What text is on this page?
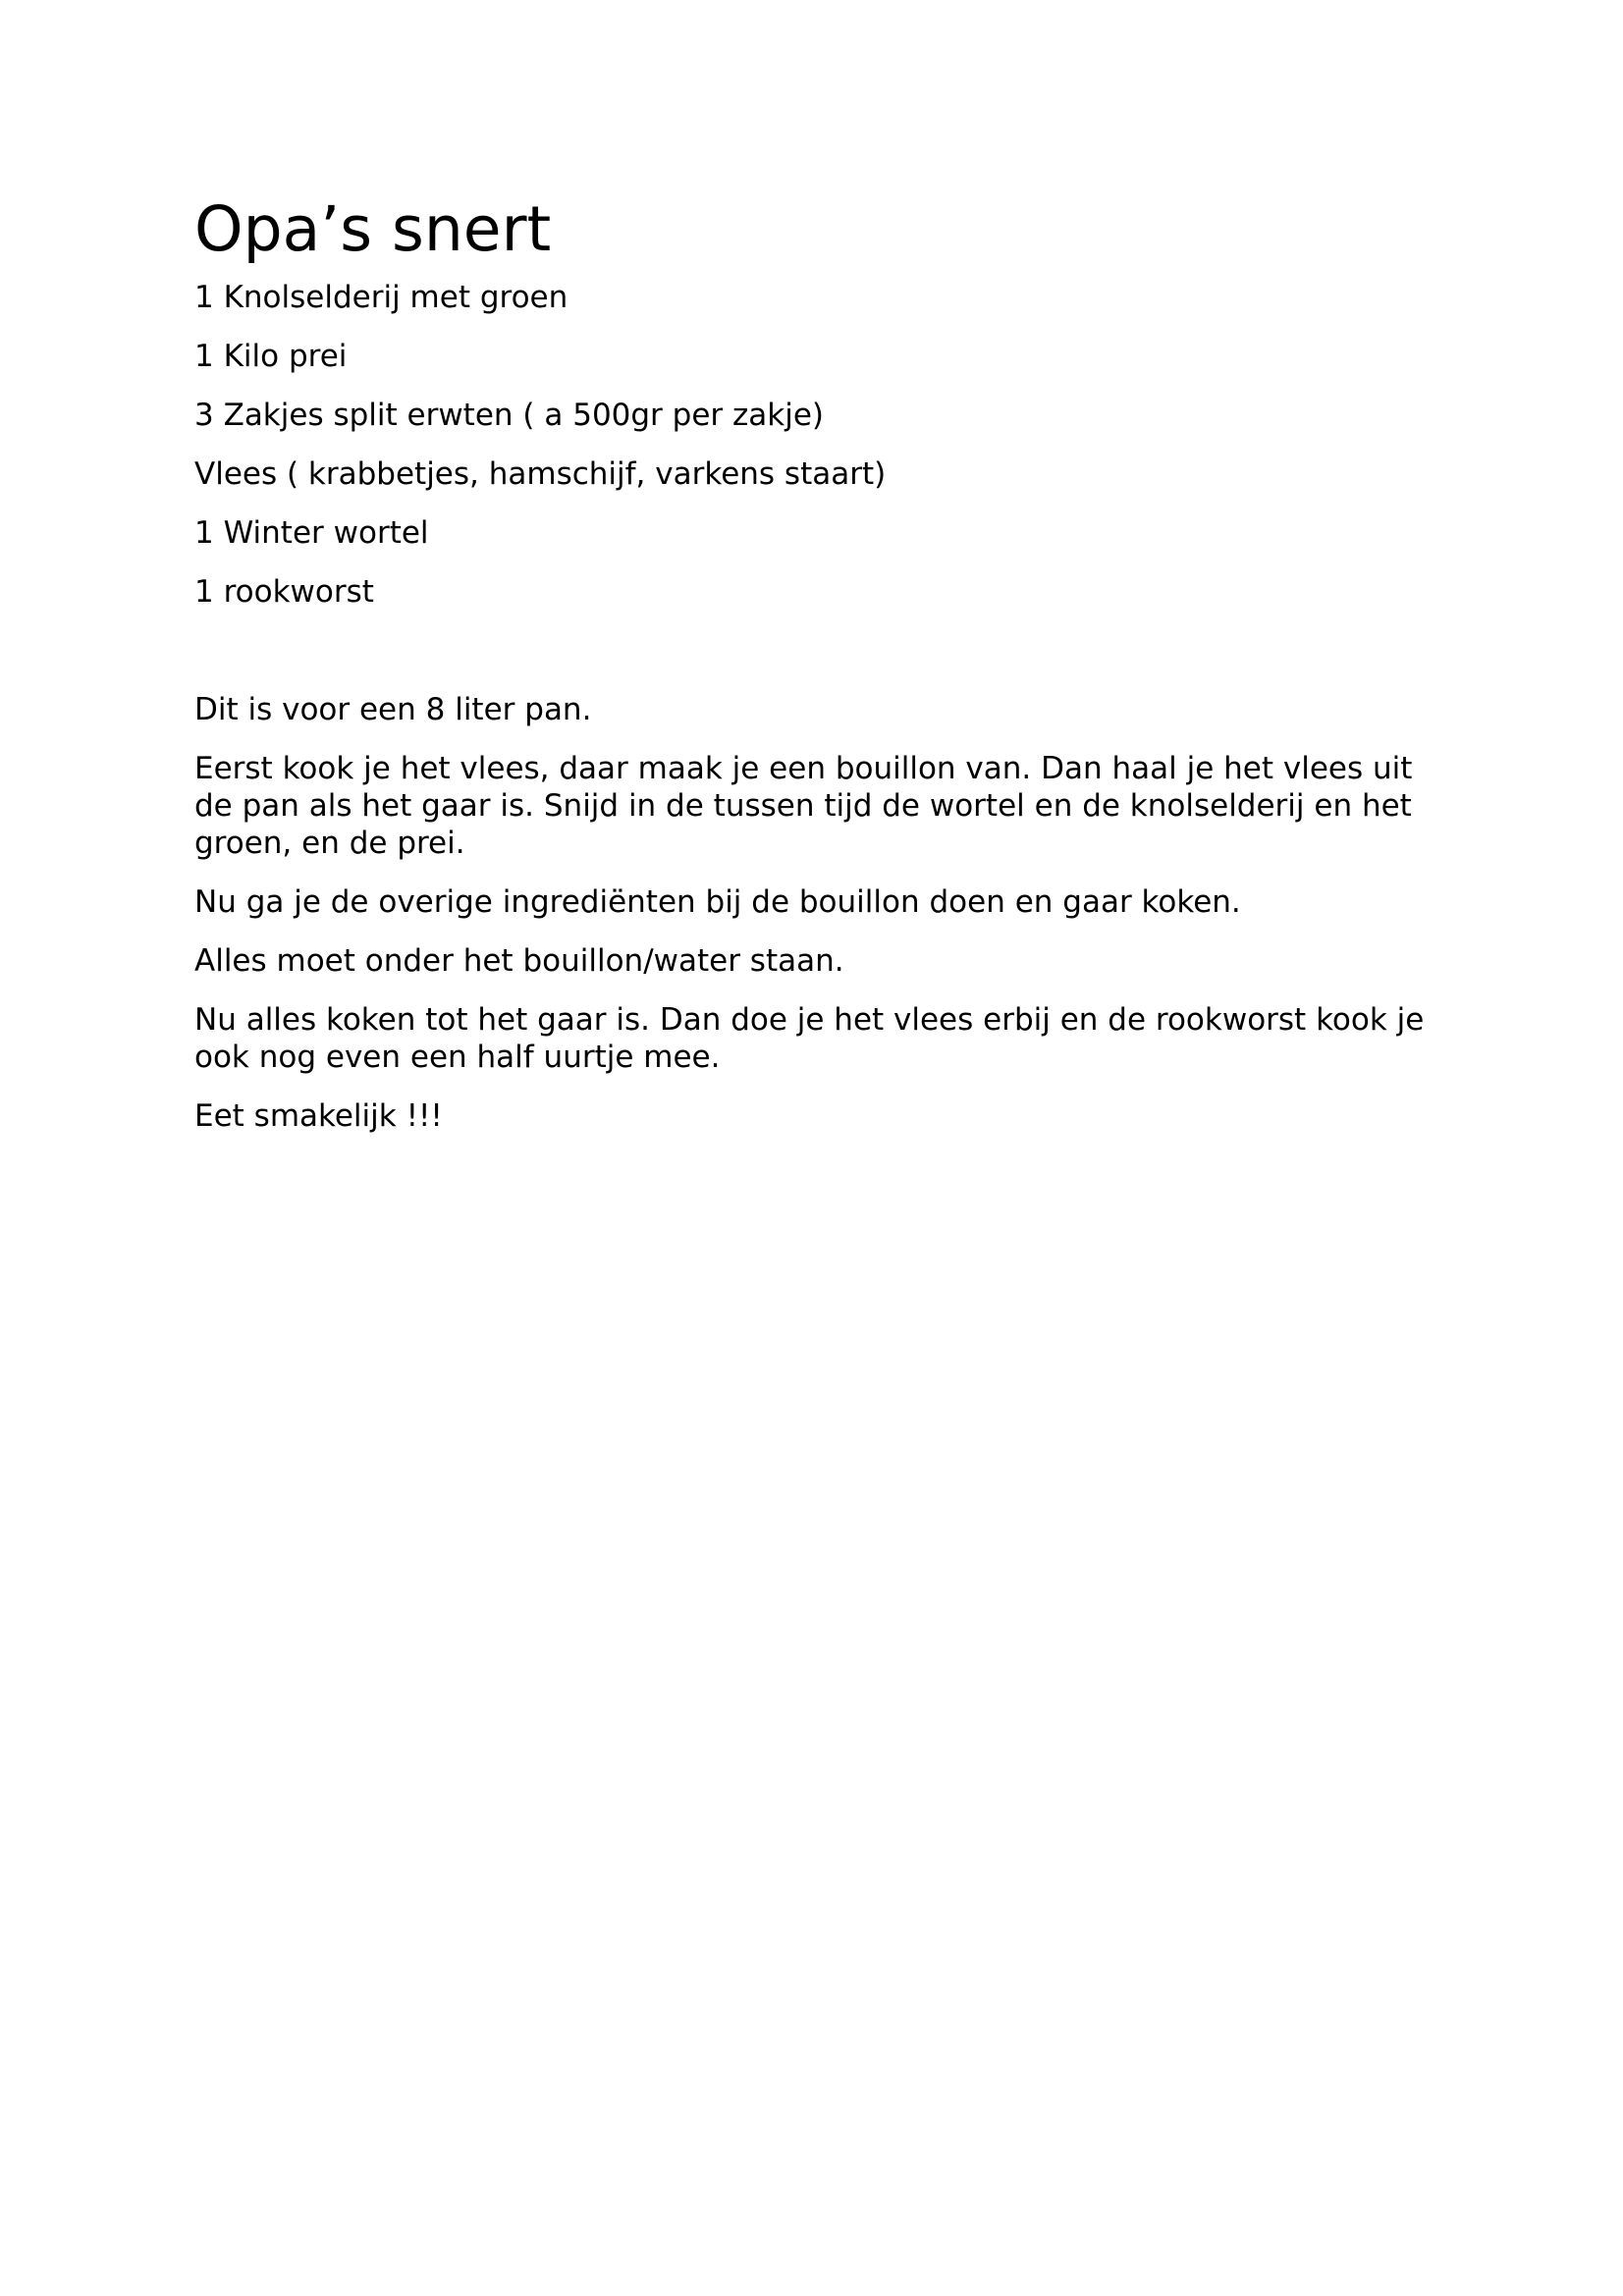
Opa’s snert
1 Knolselderij met groen
1 Kilo prei
3 Zakjes split erwten ( a 500gr per zakje)
Vlees ( krabbetjes, hamschijf, varkens staart)
1 Winter wortel
1 rookworst

Dit is voor een 8 liter pan.

Eerst kook je het vlees, daar maak je een bouillon van. Dan haal je het vlees uit de pan als het gaar is. Snijd in de tussen tijd de wortel en de knolselderij en het groen, en de prei.

Nu ga je de overige ingrediënten bij de bouillon doen en gaar koken.

Alles moet onder het bouillon/water staan.

Nu alles koken tot het gaar is. Dan doe je het vlees erbij en de rookworst kook je ook nog even een half uurtje mee.

Eet smakelijk !!!
